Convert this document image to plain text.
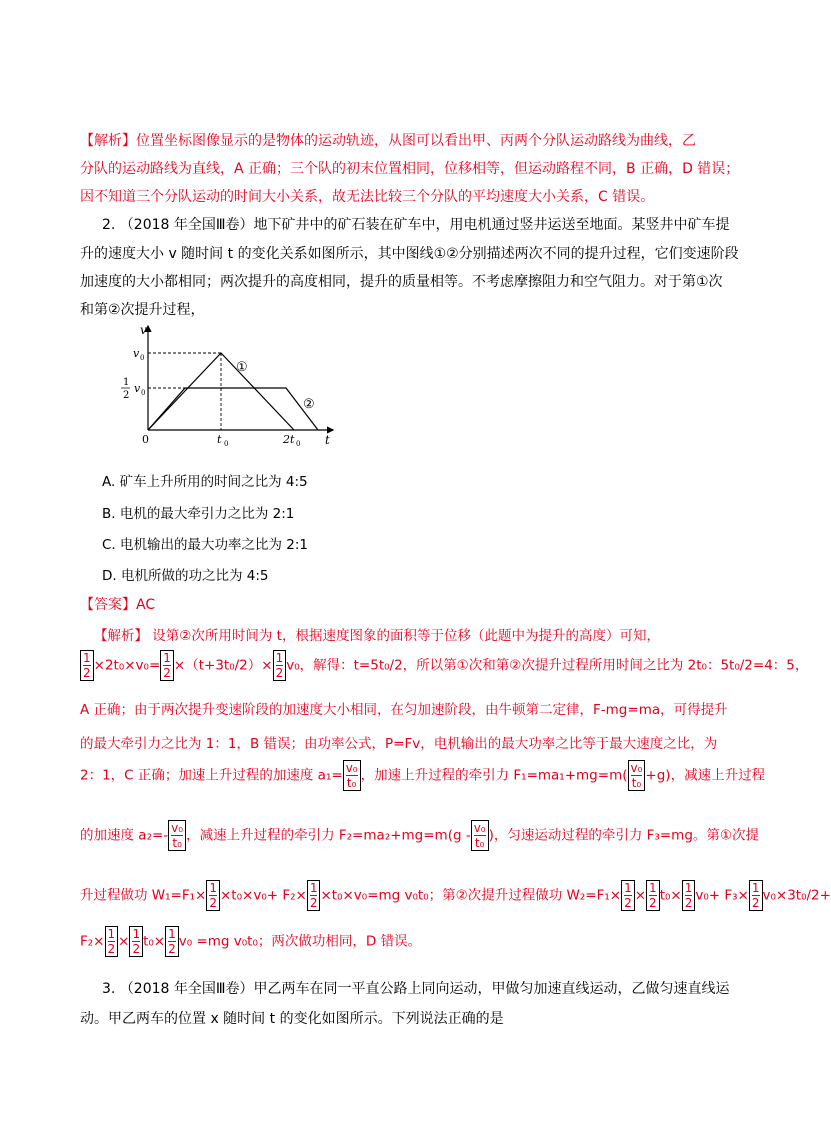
【解析】位置坐标图像显示的是物体的运动轨迹，从图可以看出甲、丙两个分队运动路线为曲线，乙
分队的运动路线为直线，A 正确；三个队的初末位置相同，位移相等，但运动路程不同，B 正确，D 错误；
因不知道三个分队运动的时间大小关系，故无法比较三个分队的平均速度大小关系，C 错误。
2. （2018 年全国Ⅲ卷）地下矿井中的矿石装在矿车中，用电机通过竖井运送至地面。某竖井中矿车提
升的速度大小 v 随时间 t 的变化关系如图所示，其中图线①②分别描述两次不同的提升过程，它们变速阶段
加速度的大小都相同；两次提升的高度相同，提升的质量相等。不考虑摩擦阻力和空气阻力。对于第①次
和第②次提升过程，
v
t
v 0
1
2
v 0
0	t 0	2t 0
①
②
A. 矿车上升所用的时间之比为 4:5
B. 电机的最大牵引力之比为 2:1
C. 电机输出的最大功率之比为 2:1
D. 电机所做的功之比为 4:5
【答案】AC
【解析】 设第②次所用时间为 t，根据速度图象的面积等于位移（此题中为提升的高度）可知，
$\frac{1}{2} \times 2t_0\times v_0= \frac{1}{2} \times(t+3t_0/2)\times \frac{1}{2} v_0$，解得：t=5t₀/2，所以第①次和第②次提升过程所用时间之比为 2t₀：5t₀/2=4：5，
A 正确；由于两次提升变速阶段的加速度大小相同，在匀加速阶段，由牛顿第二定律，F-mg=ma，可得提升
的最大牵引力之比为 1：1，B 错误；由功率公式，P=Fv，电机输出的最大功率之比等于最大速度之比，为
2：1，C 正确；加速上升过程的加速度 $a_1= \frac{\text{v₀}}{\text{t₀}}$ ，加速上升过程的牵引力 $F_1=ma_1+mg=m( \frac{\text{v₀}}{\text{t₀}} +g)$，减速上升过程
的加速度 $a_2=- \frac{\text{v₀}}{\text{t₀}}$ ，减速上升过程的牵引力 $F_2=ma_2+mg=m(g - \frac{\text{v₀}}{\text{t₀}}$ )，匀速运动过程的牵引力 F₃=mg。第①次提
升过程做功 $W_1=F_1\times \frac{1}{2} \times t_0\times v_0+ F_2\times \frac{1}{2} \times t_0\times v_0=mg$ v₀t₀；第②次提升过程做功 $W_2=F_1\times \frac{1}{2} \times \frac{1}{2} t_0\times \frac{1}{2} v_0+ F_3\times \frac{1}{2} v_0\times 3t_0/2+$
$F_2\times \frac{1}{2} \times \frac{1}{2} t_0\times \frac{1}{2} v_0 =mg$ v₀t₀；两次做功相同，D 错误。
3. （2018 年全国Ⅲ卷）甲乙两车在同一平直公路上同向运动，甲做匀加速直线运动，乙做匀速直线运
动。甲乙两车的位置 x 随时间 t 的变化如图所示。下列说法正确的是
